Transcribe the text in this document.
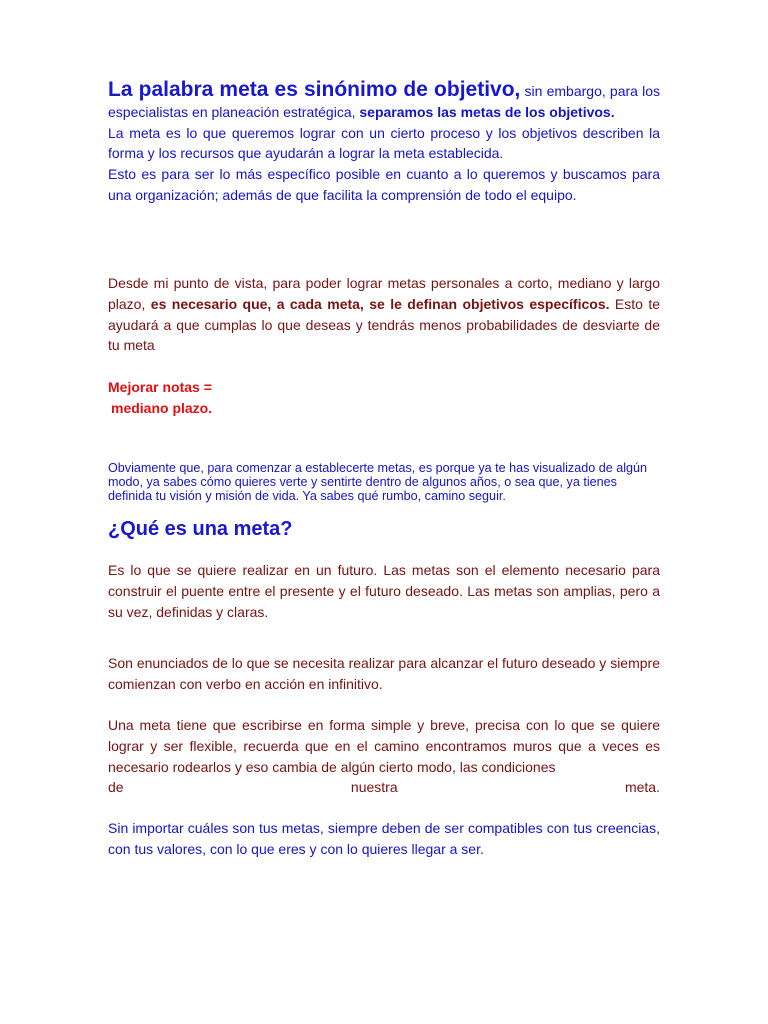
La palabra meta es sinónimo de objetivo, sin embargo, para los especialistas en planeación estratégica, separamos las metas de los objetivos.
La meta es lo que queremos lograr con un cierto proceso y los objetivos describen la forma y los recursos que ayudarán a lograr la meta establecida.
Esto es para ser lo más específico posible en cuanto a lo queremos y buscamos para una organización; además de que facilita la comprensión de todo el equipo.

Desde mi punto de vista, para poder lograr metas personales a corto, mediano y largo plazo, es necesario que, a cada meta, se le definan objetivos específicos. Esto te ayudará a que cumplas lo que deseas y tendrás menos probabilidades de desviarte de tu meta

Mejorar notas =
mediano plazo.

Obviamente que, para comenzar a establecerte metas, es porque ya te has visualizado de algún modo, ya sabes cómo quieres verte y sentirte dentro de algunos años, o sea que, ya tienes definida tu visión y misión de vida. Ya sabes qué rumbo, camino seguir.

¿Qué es una meta?

Es lo que se quiere realizar en un futuro. Las metas son el elemento necesario para construir el puente entre el presente y el futuro deseado. Las metas son amplias, pero a su vez, definidas y claras.

Son enunciados de lo que se necesita realizar para alcanzar el futuro deseado y siempre comienzan con verbo en acción en infinitivo.

Una meta tiene que escribirse en forma simple y breve, precisa con lo que se quiere lograr y ser flexible, recuerda que en el camino encontramos muros que a veces es necesario rodearlos y eso cambia de algún cierto modo, las condiciones
de	nuestra	meta.

Sin importar cuáles son tus metas, siempre deben de ser compatibles con tus creencias, con tus valores, con lo que eres y con lo quieres llegar a ser.
